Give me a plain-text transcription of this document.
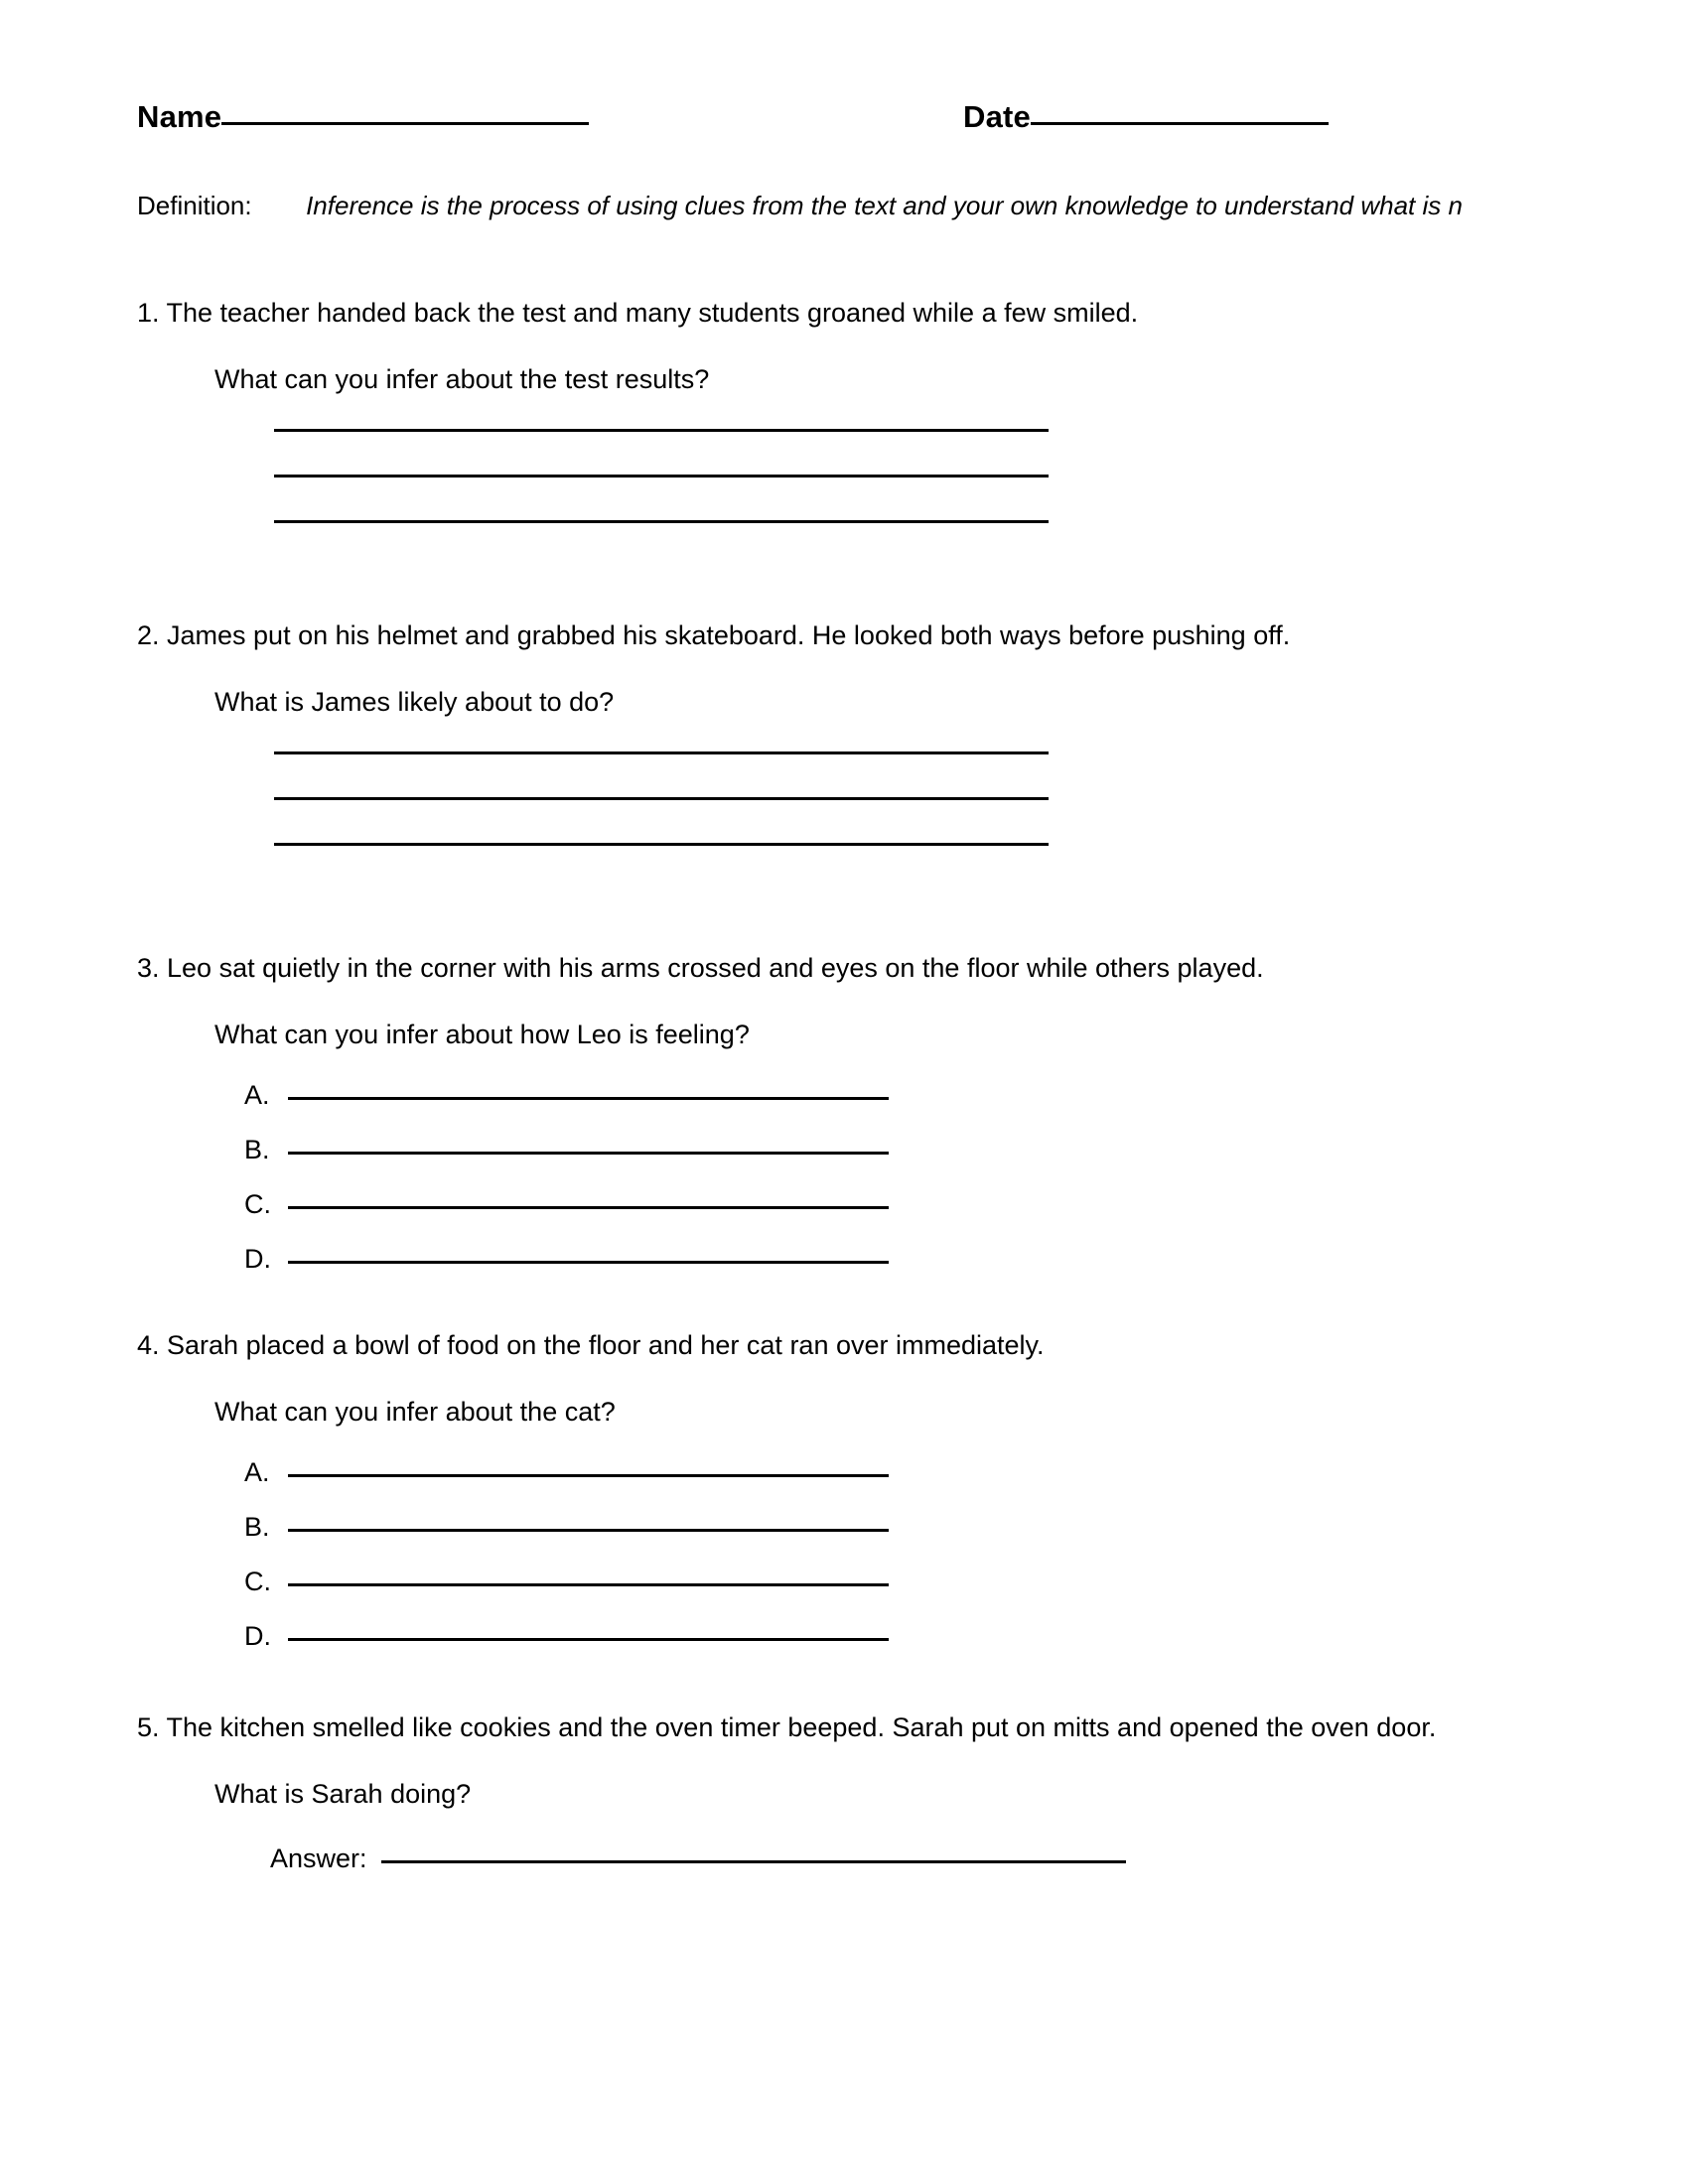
Name	Date
Definition: Inference is the process of using clues from the text and your own knowledge to understand what is n
1. The teacher handed back the test and many students groaned while a few smiled.
What can you infer about the test results?
2. James put on his helmet and grabbed his skateboard. He looked both ways before pushing off.
What is James likely about to do?
3. Leo sat quietly in the corner with his arms crossed and eyes on the floor while others played.
What can you infer about how Leo is feeling?
A.
B.
C.
D.
4. Sarah placed a bowl of food on the floor and her cat ran over immediately.
What can you infer about the cat?
A.
B.
C.
D.
5. The kitchen smelled like cookies and the oven timer beeped. Sarah put on mitts and opened the oven door.
What is Sarah doing?
Answer:
